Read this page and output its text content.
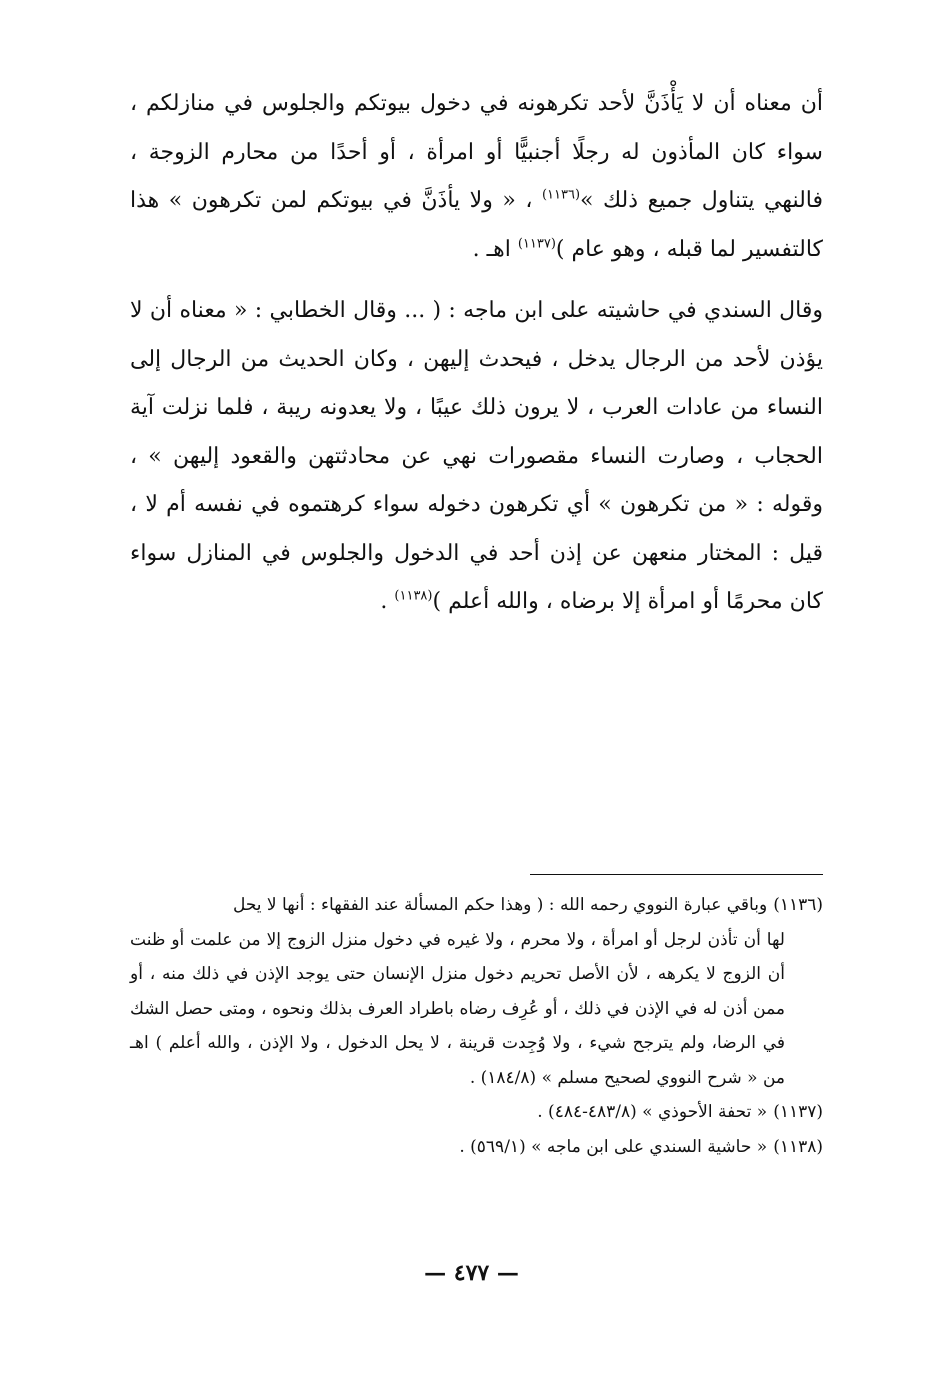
أن معناه أن لا يَأْذَنَّ لأحد تكرهونه في دخول بيوتكم والجلوس في منازلكم ، سواء كان المأذون له رجلًا أجنبيًّا أو امرأة ، أو أحدًا من محارم الزوجة ، فالنهي يتناول جميع ذلك »$^{(١١٣٦)}$ ، « ولا يأذَنَّ في بيوتكم لمن تكرهون » هذا كالتفسير لما قبله ، وهو عام )$^{(١١٣٧)}$ اهـ .

وقال السندي في حاشيته على ابن ماجه : ( ... وقال الخطابي : « معناه أن لا يؤذن لأحد من الرجال يدخل ، فيحدث إليهن ، وكان الحديث من الرجال إلى النساء من عادات العرب ، لا يرون ذلك عيبًا ، ولا يعدونه ريبة ، فلما نزلت آية الحجاب ، وصارت النساء مقصورات نهي عن محادثتهن والقعود إليهن » ، وقوله : « من تكرهون » أي تكرهون دخوله سواء كرهتموه في نفسه أم لا ، قيل : المختار منعهن عن إذن أحد في الدخول والجلوس في المنازل سواء كان محرمًا أو امرأة إلا برضاه ، والله أعلم )$^{(١١٣٨)}$ .

(١١٣٦)وباقي عبارة النووي رحمه الله : ( وهذا حكم المسألة عند الفقهاء : أنها لا يحل
لها أن تأذن لرجل أو امرأة ، ولا محرم ، ولا غيره في دخول منزل الزوج إلا من علمت أو ظنت أن الزوج لا يكرهه ، لأن الأصل تحريم دخول منزل الإنسان حتى يوجد الإذن في ذلك منه ، أو ممن أذن له في الإذن في ذلك ، أو عُرِف رضاه باطراد العرف بذلك ونحوه ، ومتى حصل الشك في الرضا، ولم يترجح شيء ، ولا وُجِدت قرينة ، لا يحل الدخول ، ولا الإذن ، والله أعلم ) اهـ من « شرح النووي لصحيح مسلم » (١٨٤/٨) .

(١١٣٧)« تحفة الأحوذي » (٤٨٣/٨-٤٨٤) .

(١١٣٨)« حاشية السندي على ابن ماجه » (٥٦٩/١) .

— ٤٧٧ —
